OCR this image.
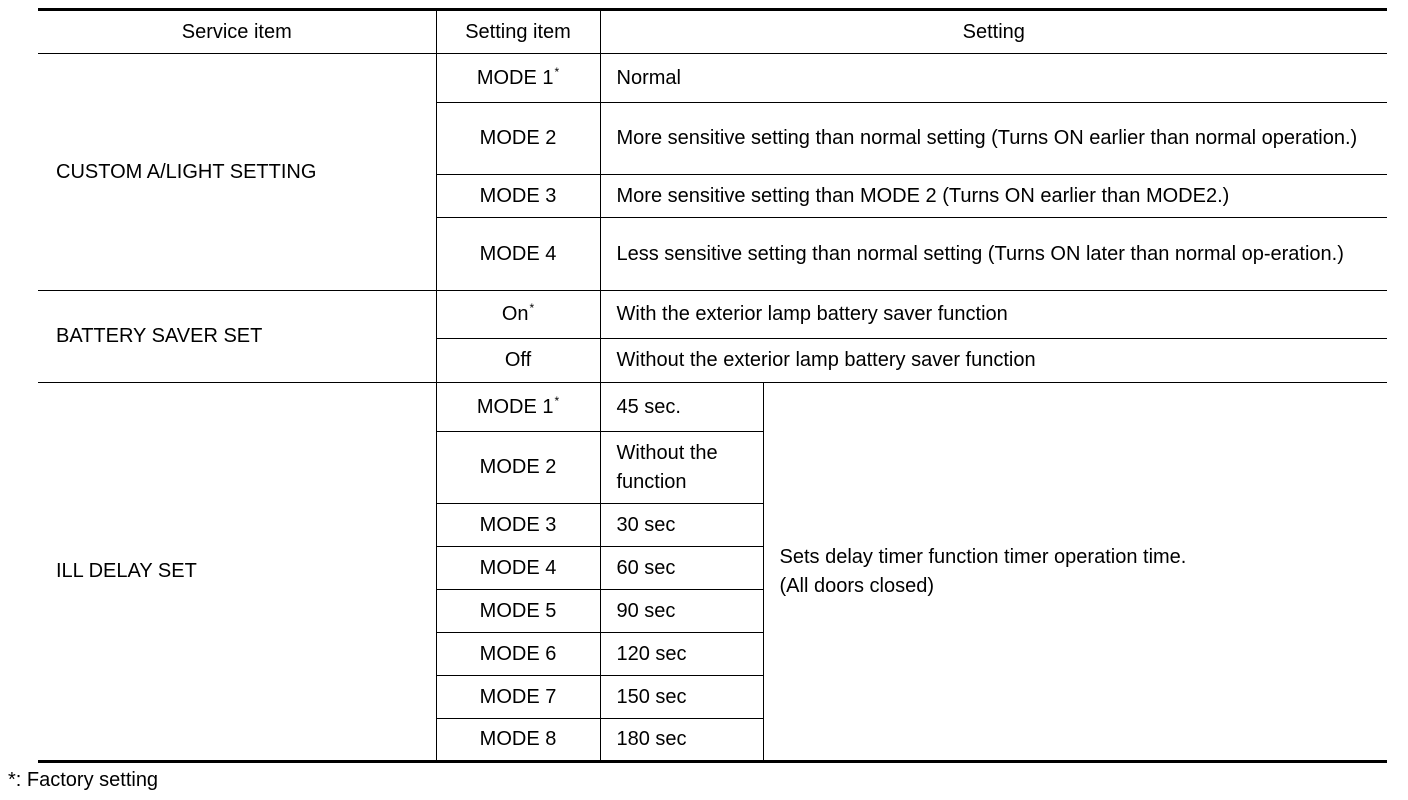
Service item	Setting item	Setting	
CUSTOM A/LIGHT SETTING	MODE 1*	Normal	
	MODE 2	More sensitive setting than normal setting (Turns ON earlier than normal operation.)	
	MODE 3	More sensitive setting than MODE 2 (Turns ON earlier than MODE2.)	
	MODE 4	Less sensitive setting than normal setting (Turns ON later than normal op-eration.)	
BATTERY SAVER SET	On*	With the exterior lamp battery saver function	
	Off	Without the exterior lamp battery saver function	
ILL DELAY SET	MODE 1*	45 sec.	Sets delay timer function timer operation time.
(All doors closed)
	MODE 2	Without the function	
	MODE 3	30 sec	
	MODE 4	60 sec	
	MODE 5	90 sec	
	MODE 6	120 sec	
	MODE 7	150 sec	
	MODE 8	180 sec	
*: Factory setting
